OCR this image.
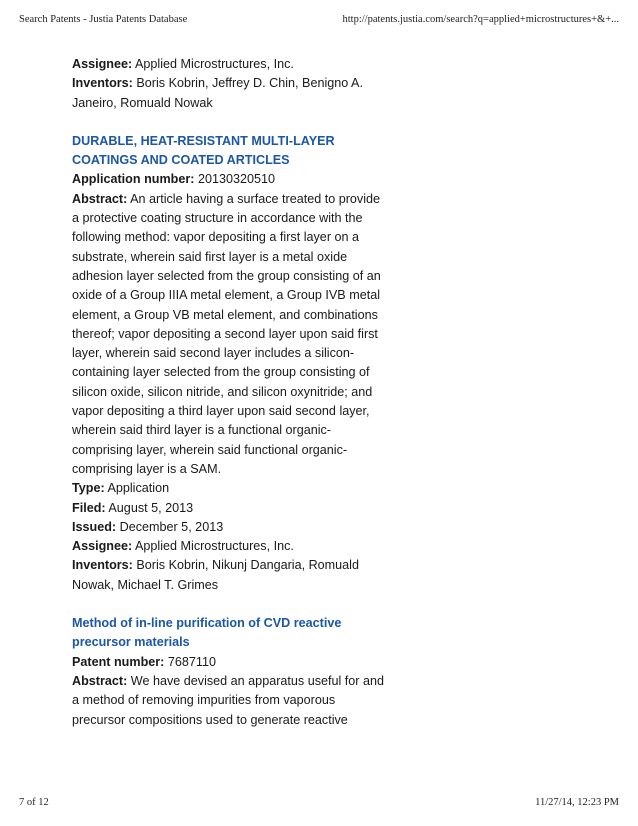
Search Patents - Justia Patents Database	http://patents.justia.com/search?q=applied+microstructures+&+...

Assignee: Applied Microstructures, Inc.

Inventors: Boris Kobrin, Jeffrey D. Chin, Benigno A. Janeiro, Romuald Nowak

DURABLE, HEAT-RESISTANT MULTI-LAYER COATINGS AND COATED ARTICLES

Application number: 20130320510

Abstract: An article having a surface treated to provide a protective coating structure in accordance with the following method: vapor depositing a first layer on a substrate, wherein said first layer is a metal oxide adhesion layer selected from the group consisting of an oxide of a Group IIIA metal element, a Group IVB metal element, a Group VB metal element, and combinations thereof; vapor depositing a second layer upon said first layer, wherein said second layer includes a silicon-containing layer selected from the group consisting of silicon oxide, silicon nitride, and silicon oxynitride; and vapor depositing a third layer upon said second layer, wherein said third layer is a functional organic-comprising layer, wherein said functional organic-comprising layer is a SAM.

Type: Application

Filed: August 5, 2013

Issued: December 5, 2013

Assignee: Applied Microstructures, Inc.

Inventors: Boris Kobrin, Nikunj Dangaria, Romuald Nowak, Michael T. Grimes

Method of in-line purification of CVD reactive precursor materials

Patent number: 7687110

Abstract: We have devised an apparatus useful for and a method of removing impurities from vaporous precursor compositions used to generate reactive

7 of 12	11/27/14, 12:23 PM
